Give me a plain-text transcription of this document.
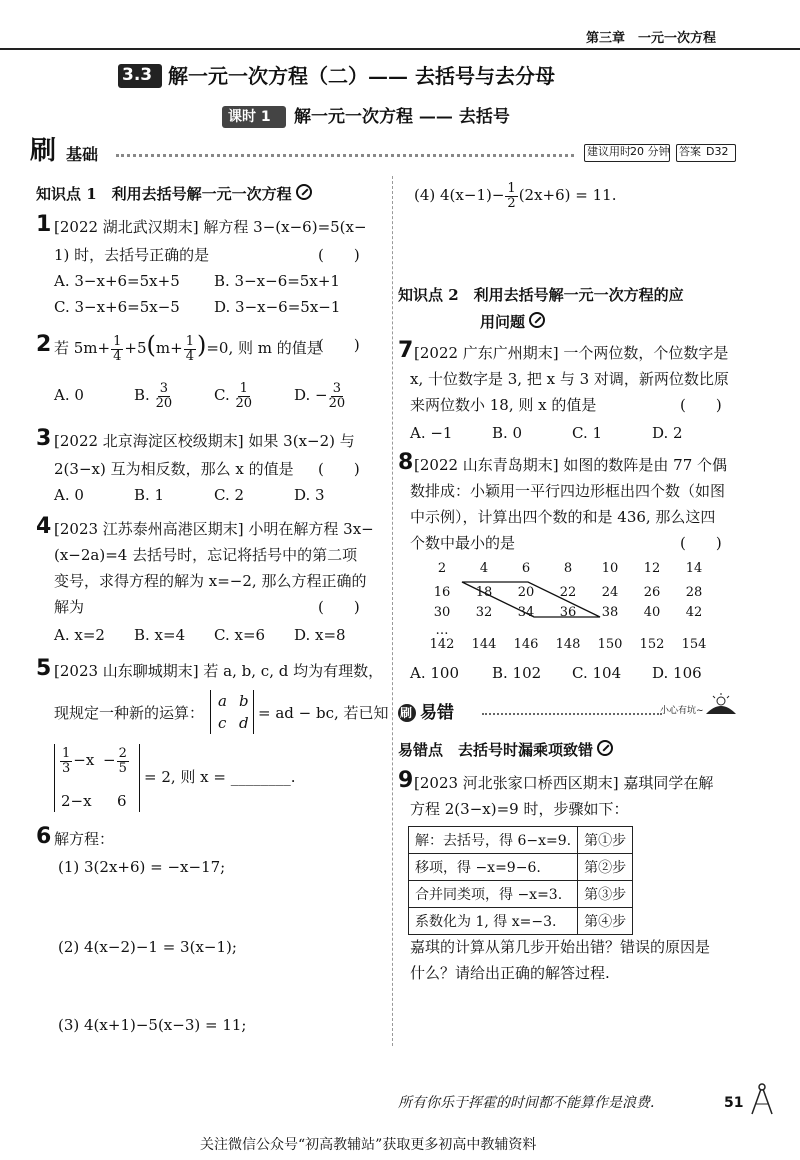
第三章　一元一次方程
3.3 解一元一次方程（二）—— 去括号与去分母
课时 1 解一元一次方程 —— 去括号
刷 基础	建议用时 20 分钟 答案 D32
知识点 1　利用去括号解一元一次方程
1 [2022 湖北武汉期末] 解方程 3−(x−6)=5(x−
1) 时，去括号正确的是	(　　)
A. 3−x+6=5x+5 B. 3−x−6=5x+1
C. 3−x+6=5x−5 D. 3−x−6=5x−1
2 若 $5m+ \frac{1}{4} +5(m+ \frac{1}{4} )=0$, 则 m 的值是
(　　)
A. 0	B. $\frac{3}{20}$	C. $\frac{1}{20}$	D. − $\frac{3}{20}$
3 [2022 北京海淀区校级期末] 如果 3(x−2) 与
2(3−x) 互为相反数，那么 x 的值是 (　　)
A. 0	B. 1	C. 2	D. 3
4 [2023 江苏泰州高港区期末] 小明在解方程 3x−
(x−2a)=4 去括号时，忘记将括号中的第二项
变号，求得方程的解为 x=−2, 那么方程正确的
解为	(　　)
A. x=2 B. x=4 C. x=6 D. x=8
5 [2023 山东聊城期末] 若 a, b, c, d 均为有理数，
现规定一种新的运算：
a b
c d
= ad − bc, 若已知
$\frac{1}{3} -x - \frac{2}{5}$
2−x 6
= 2, 则 x = ________.
6 解方程：
(1) 3(2x+6) = −x−17;
(2) 4(x−2)−1 = 3(x−1);
(3) 4(x+1)−5(x−3) = 11;
(4) $4(x-1)- \frac{1}{2} (2x+6) = 11$.
知识点 2　利用去括号解一元一次方程的应
用问题
7 [2022 广东广州期末] 一个两位数，个位数字是
x, 十位数字是 3, 把 x 与 3 对调，新两位数比原
来两位数小 18, 则 x 的值是	(　　)
A. −1	B. 0	C. 1	D. 2
8 [2022 山东青岛期末] 如图的数阵是由 77 个偶
数排成：小颖用一平行四边形框出四个数（如图
中示例），计算出四个数的和是 436, 那么这四
个数中最小的是	(　　)
2	4	6	8 10 12 14
16 18 20 22 24 26 28
30 32 34 36 38 40 42
…
142 144 146 148 150 152 154
A. 100 B. 102 C. 104 D. 106
刷 易错	小心有坑~
易错点　去括号时漏乘项致错
9 [2023 河北张家口桥西区期末] 嘉琪同学在解
方程 2(3−x)=9 时，步骤如下：
解：去括号，得 6−x=9.	第①步
移项，得 −x=9−6.	第②步
合并同类项，得 −x=3.	第③步
系数化为 1, 得 x=−3.	第④步
嘉琪的计算从第几步开始出错？错误的原因是
什么？请给出正确的解答过程.
所有你乐于挥霍的时间都不能算作是浪费.	51
关注微信公众号“初高教辅站”获取更多初高中教辅资料
